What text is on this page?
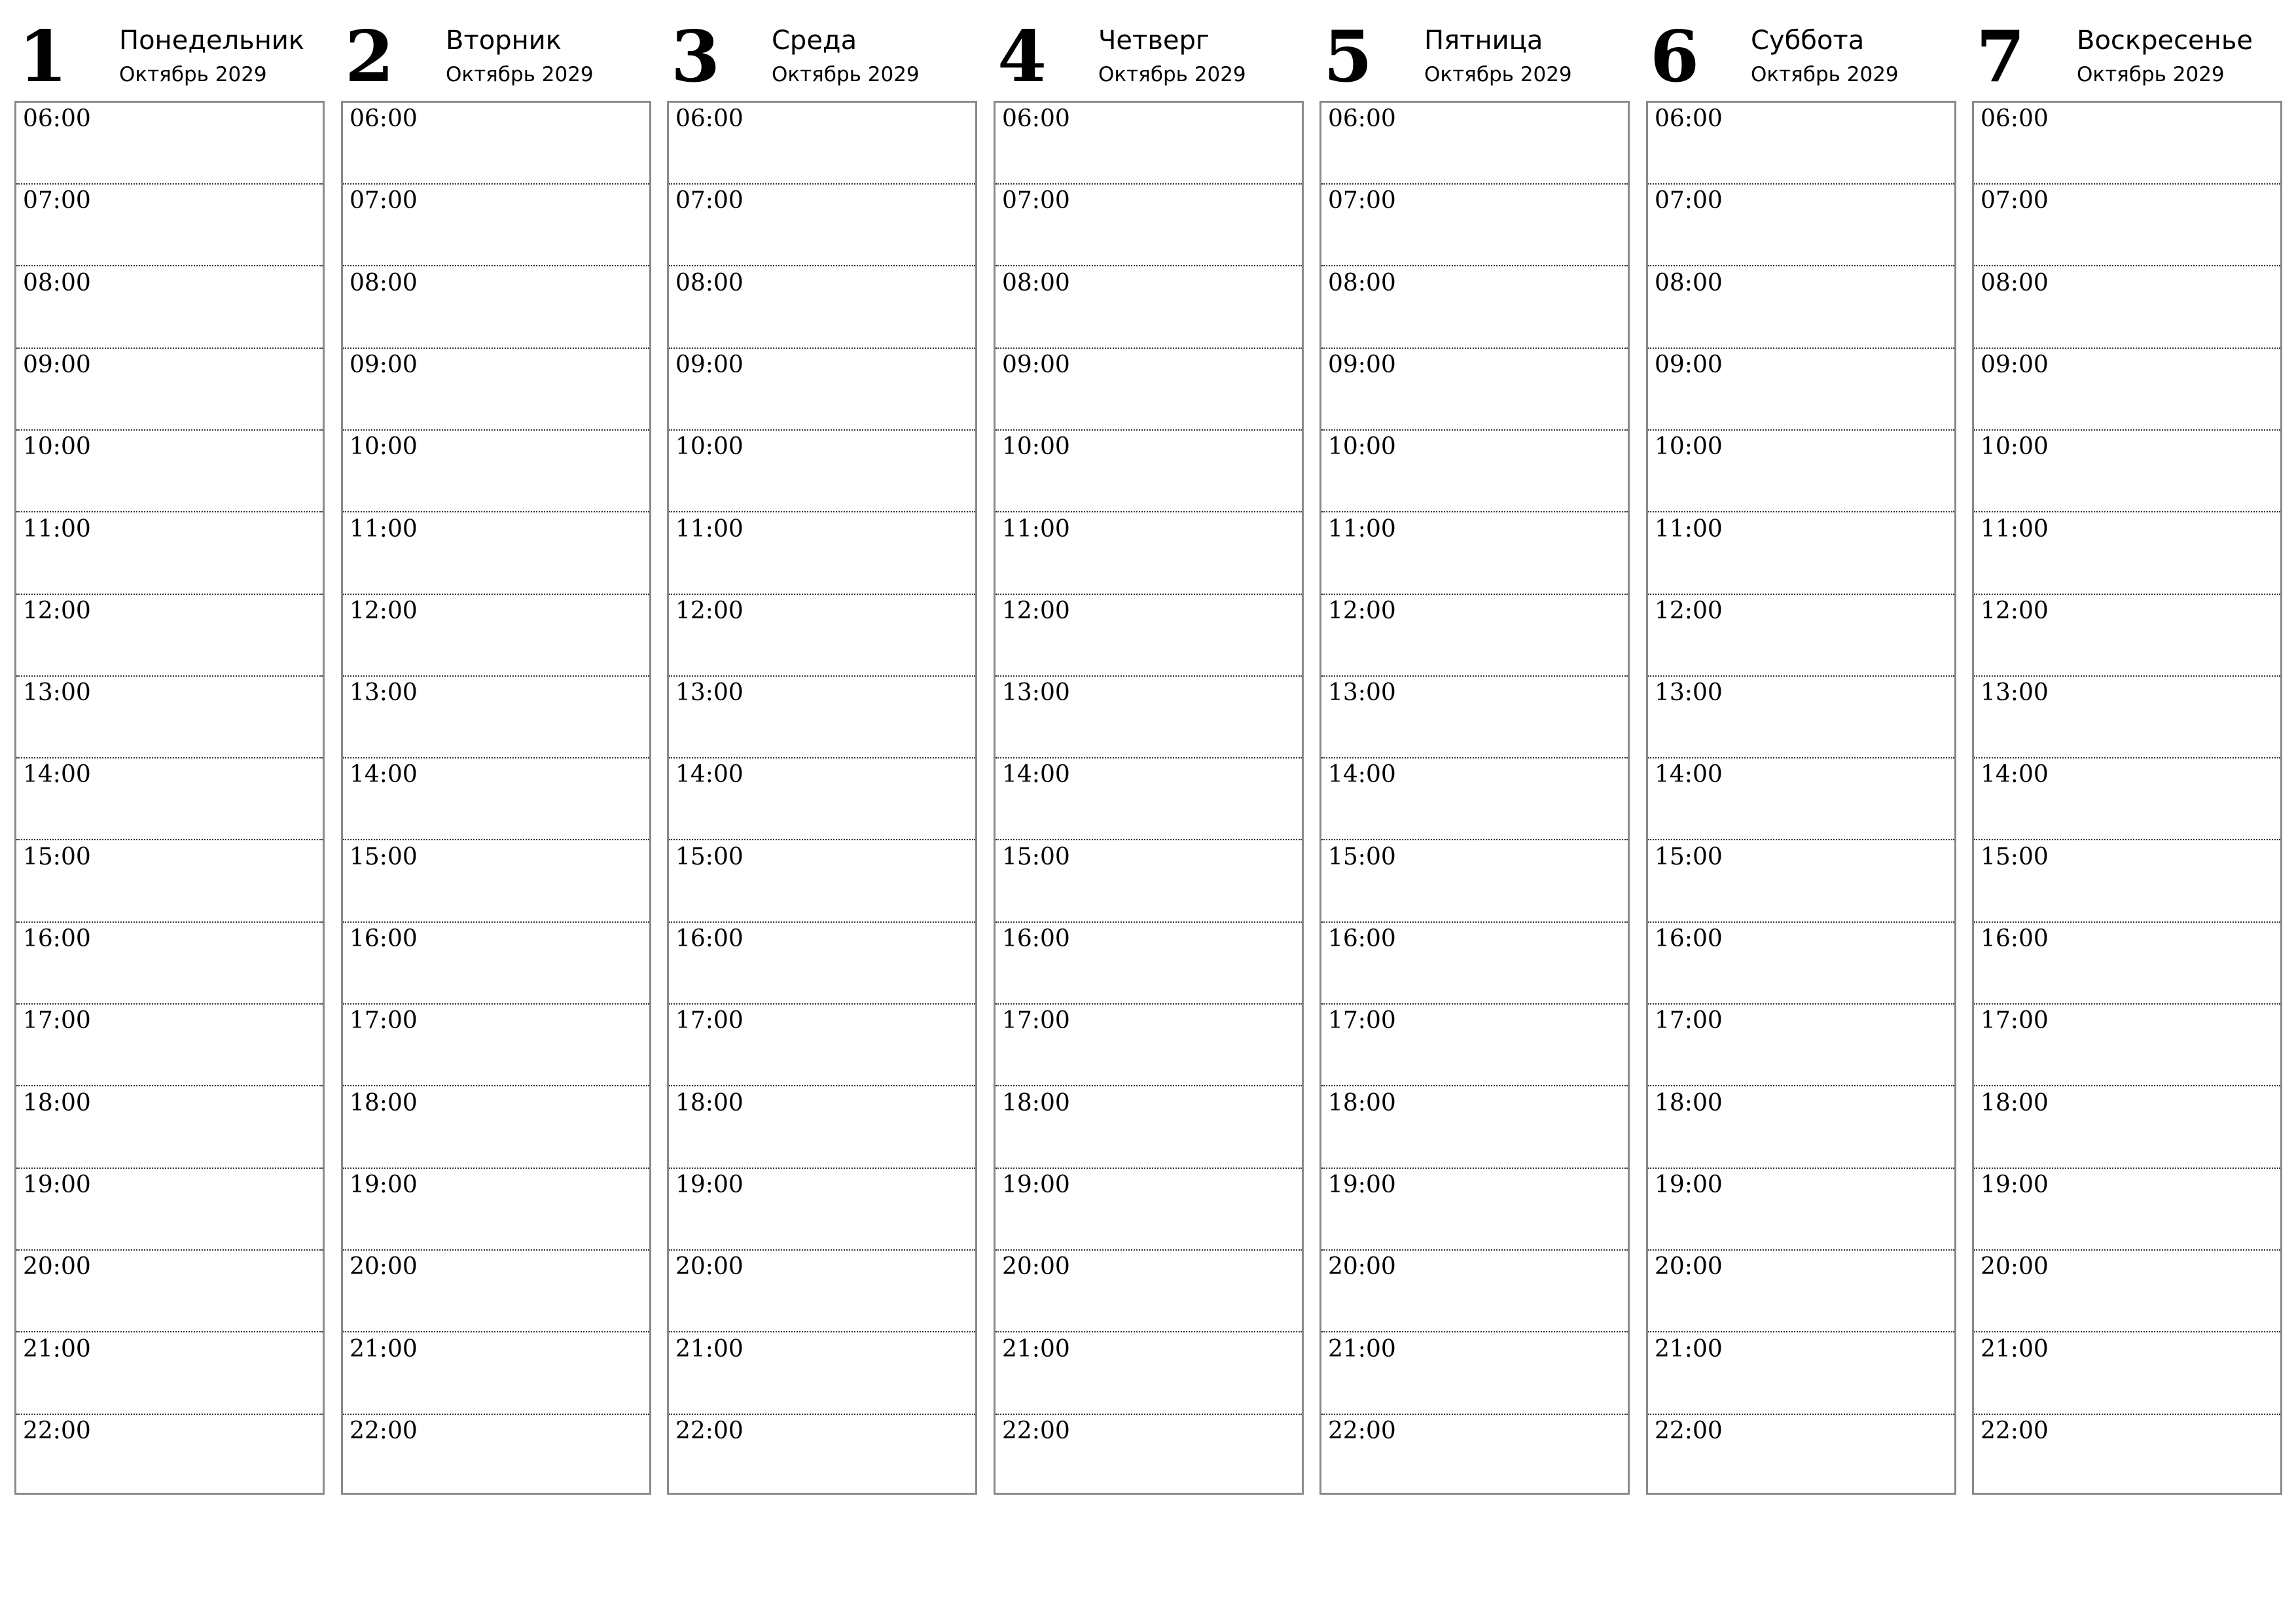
1 Понедельник
Октябрь 2029
06:00
07:00
08:00
09:00
10:00
11:00
12:00
13:00
14:00
15:00
16:00
17:00
18:00
19:00
20:00
21:00
22:00
2 Вторник
Октябрь 2029
06:00
07:00
08:00
09:00
10:00
11:00
12:00
13:00
14:00
15:00
16:00
17:00
18:00
19:00
20:00
21:00
22:00
3 Среда
Октябрь 2029
06:00
07:00
08:00
09:00
10:00
11:00
12:00
13:00
14:00
15:00
16:00
17:00
18:00
19:00
20:00
21:00
22:00
4 Четверг
Октябрь 2029
06:00
07:00
08:00
09:00
10:00
11:00
12:00
13:00
14:00
15:00
16:00
17:00
18:00
19:00
20:00
21:00
22:00
5 Пятница
Октябрь 2029
06:00
07:00
08:00
09:00
10:00
11:00
12:00
13:00
14:00
15:00
16:00
17:00
18:00
19:00
20:00
21:00
22:00
6 Суббота
Октябрь 2029
06:00
07:00
08:00
09:00
10:00
11:00
12:00
13:00
14:00
15:00
16:00
17:00
18:00
19:00
20:00
21:00
22:00
7 Воскресенье
Октябрь 2029
06:00
07:00
08:00
09:00
10:00
11:00
12:00
13:00
14:00
15:00
16:00
17:00
18:00
19:00
20:00
21:00
22:00
